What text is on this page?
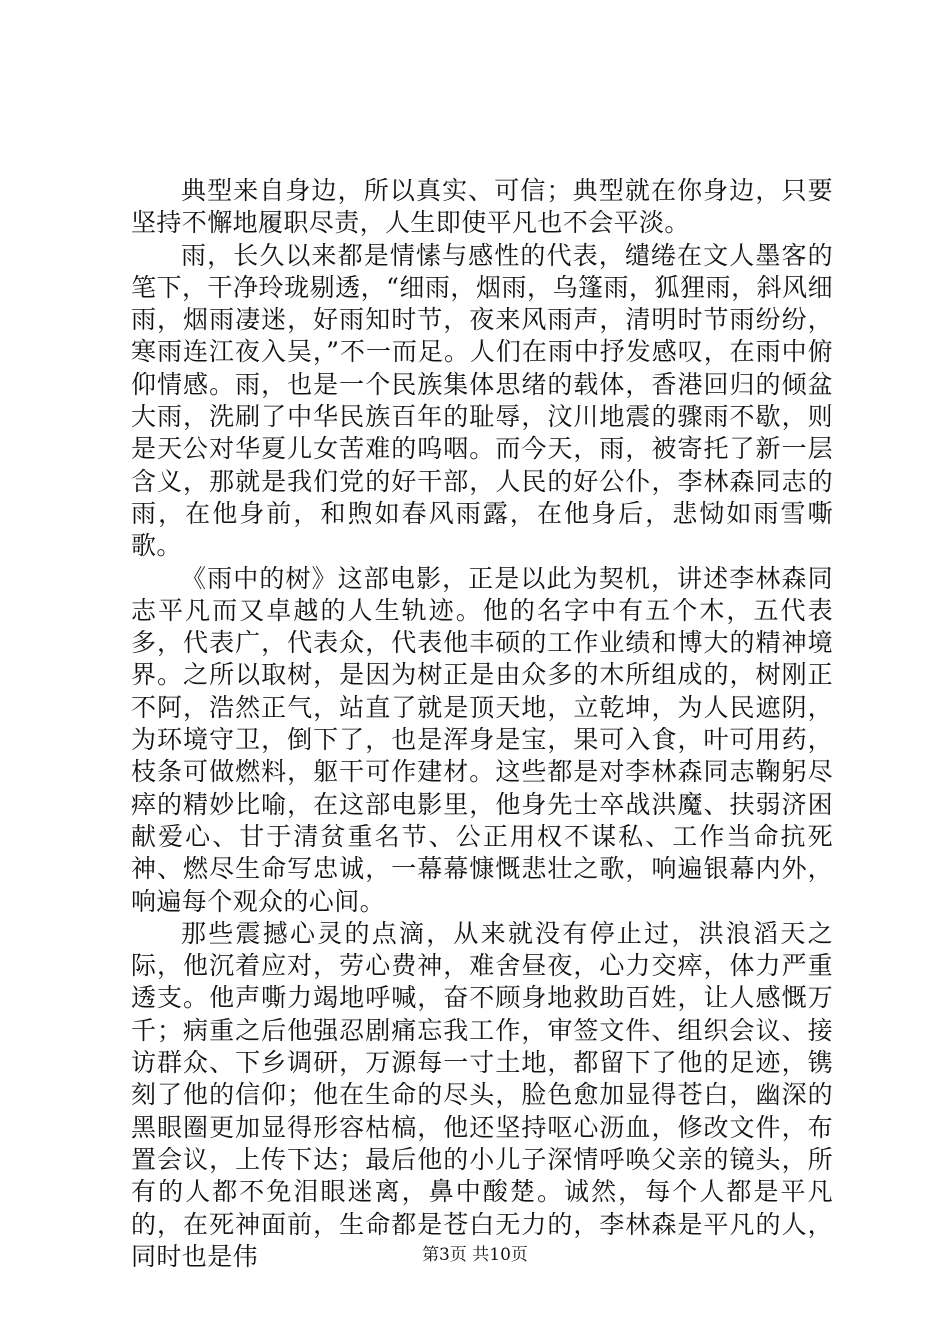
典型来自身边，所以真实、可信；典型就在你身边，只要坚持不懈地履职尽责，人生即使平凡也不会平淡。

雨，长久以来都是情愫与感性的代表，缱绻在文人墨客的笔下，干净玲珑剔透，“细雨，烟雨，乌篷雨，狐狸雨，斜风细雨，烟雨凄迷，好雨知时节，夜来风雨声，清明时节雨纷纷，寒雨连江夜入吴，”不一而足。人们在雨中抒发感叹，在雨中俯仰情感。雨，也是一个民族集体思绪的载体，香港回归的倾盆大雨，洗刷了中华民族百年的耻辱，汶川地震的骤雨不歇，则是天公对华夏儿女苦难的呜咽。而今天，雨，被寄托了新一层含义，那就是我们党的好干部，人民的好公仆，李林森同志的雨，在他身前，和煦如春风雨露，在他身后，悲恸如雨雪嘶歌。

《雨中的树》这部电影，正是以此为契机，讲述李林森同志平凡而又卓越的人生轨迹。他的名字中有五个木，五代表多，代表广，代表众，代表他丰硕的工作业绩和博大的精神境界。之所以取树，是因为树正是由众多的木所组成的，树刚正不阿，浩然正气，站直了就是顶天地，立乾坤，为人民遮阴，为环境守卫，倒下了，也是浑身是宝，果可入食，叶可用药，枝条可做燃料，躯干可作建材。这些都是对李林森同志鞠躬尽瘁的精妙比喻，在这部电影里，他身先士卒战洪魔、扶弱济困献爱心、甘于清贫重名节、公正用权不谋私、工作当命抗死神、燃尽生命写忠诚，一幕幕慷慨悲壮之歌，响遍银幕内外，响遍每个观众的心间。

那些震撼心灵的点滴，从来就没有停止过，洪浪滔天之际，他沉着应对，劳心费神，难舍昼夜，心力交瘁，体力严重透支。他声嘶力竭地呼喊，奋不顾身地救助百姓，让人感慨万千；病重之后他强忍剧痛忘我工作，审签文件、组织会议、接访群众、下乡调研，万源每一寸土地，都留下了他的足迹，镌刻了他的信仰；他在生命的尽头，脸色愈加显得苍白，幽深的黑眼圈更加显得形容枯槁，他还坚持呕心沥血，修改文件，布置会议，上传下达；最后他的小儿子深情呼唤父亲的镜头，所有的人都不免泪眼迷离，鼻中酸楚。诚然，每个人都是平凡的，在死神面前，生命都是苍白无力的，李林森是平凡的人，同时也是伟	第3页 共10页
